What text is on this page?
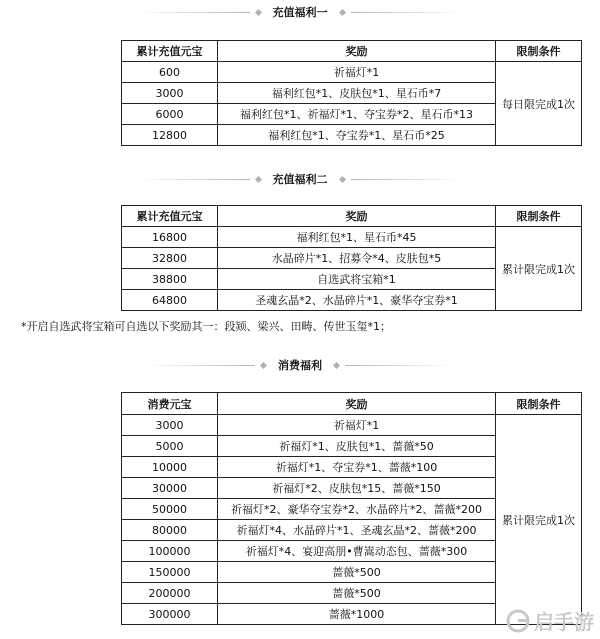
充值福利一
累计充值元宝	奖励	限制条件
600	祈福灯*1	每日限完成1次
3000	福利红包*1、皮肤包*1、星石币*7	
6000	福利红包*1、祈福灯*1、夺宝券*2、星石币*13	
12800	福利红包*1、夺宝券*1、星石币*25	
充值福利二
累计充值元宝	奖励	限制条件
16800	福利红包*1、星石币*45	累计限完成1次
32800	水晶碎片*1、招募令*4、皮肤包*5	
38800	自选武将宝箱*1	
64800	圣魂玄晶*2、水晶碎片*1、豪华夺宝券*1	
*开启自选武将宝箱可自选以下奖励其一：段颎、梁兴、田畴、传世玉玺*1；
消费福利
消费元宝	奖励	限制条件
3000	祈福灯*1	累计限完成1次
5000	祈福灯*1、皮肤包*1、蔷薇*50	
10000	祈福灯*1、夺宝券*1、蔷薇*100	
30000	祈福灯*2、皮肤包*15、蔷薇*150	
50000	祈福灯*2、豪华夺宝券*2、水晶碎片*2、蔷薇*200	
80000	祈福灯*4、水晶碎片*1、圣魂玄晶*2、蔷薇*200	
100000	祈福灯*4、宴迎高朋•曹嵩动态包、蔷薇*300	
150000	蔷薇*500	
200000	蔷薇*500	
300000	蔷薇*1000		启手游
